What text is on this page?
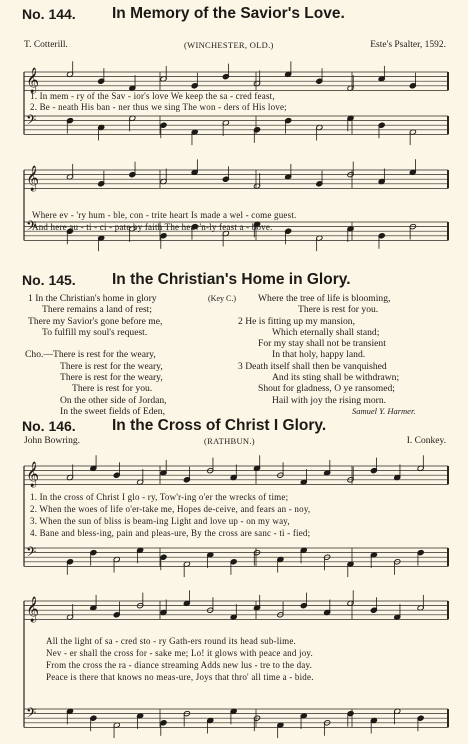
No. 144. In Memory of the Savior's Love.
T. Cotterill.	(WINCHESTER, OLD.)	Este's Psalter, 1592.
𝄞
𝄢
1. In mem - ry of the Sav - ior's love We keep the sa - cred feast,
2. Be - neath His ban - ner thus we sing The won - ders of His love;
𝄞
𝄢
Where ev - 'ry hum - ble, con - trite heart Is made a wel - come guest.
And here au - ti - ci - pate by faith The heav'n-ly feast a - bove.
No. 145. In the Christian's Home in Glory.
1 In the Christian's home in glory
There remains a land of rest;
There my Savior's gone before me,
To fulfill my soul's request.
Cho.—There is rest for the weary,
There is rest for the weary,
There is rest for the weary,
There is rest for you.
On the other side of Jordan,
In the sweet fields of Eden,
(Key C.) Where the tree of life is blooming,
There is rest for you.
2 He is fitting up my mansion,
Which eternally shall stand;
For my stay shall not be transient
In that holy, happy land.
3 Death itself shall then be vanquished
And its sting shall be withdrawn;
Shout for gladness, O ye ransomed;
Hail with joy the rising morn.
Samuel Y. Harmer.
No. 146. In the Cross of Christ I Glory.
John Bowring.	(RATHBUN.)	I. Conkey.
𝄞
𝄢
1. In the cross of Christ I glo - ry, Tow'r-ing o'er the wrecks of time;
2. When the woes of life o'er-take me, Hopes de-ceive, and fears an - noy,
3. When the sun of bliss is beam-ing Light and love up - on my way,
4. Bane and bless-ing, pain and pleas-ure, By the cross are sanc - ti - fied;
𝄞
𝄢
All the light of sa - cred sto - ry Gath-ers round its head sub-lime.
Nev - er shall the cross for - sake me; Lo! it glows with peace and joy.
From the cross the ra - diance streaming Adds new lus - tre to the day.
Peace is there that knows no meas-ure, Joys that thro' all time a - bide.
